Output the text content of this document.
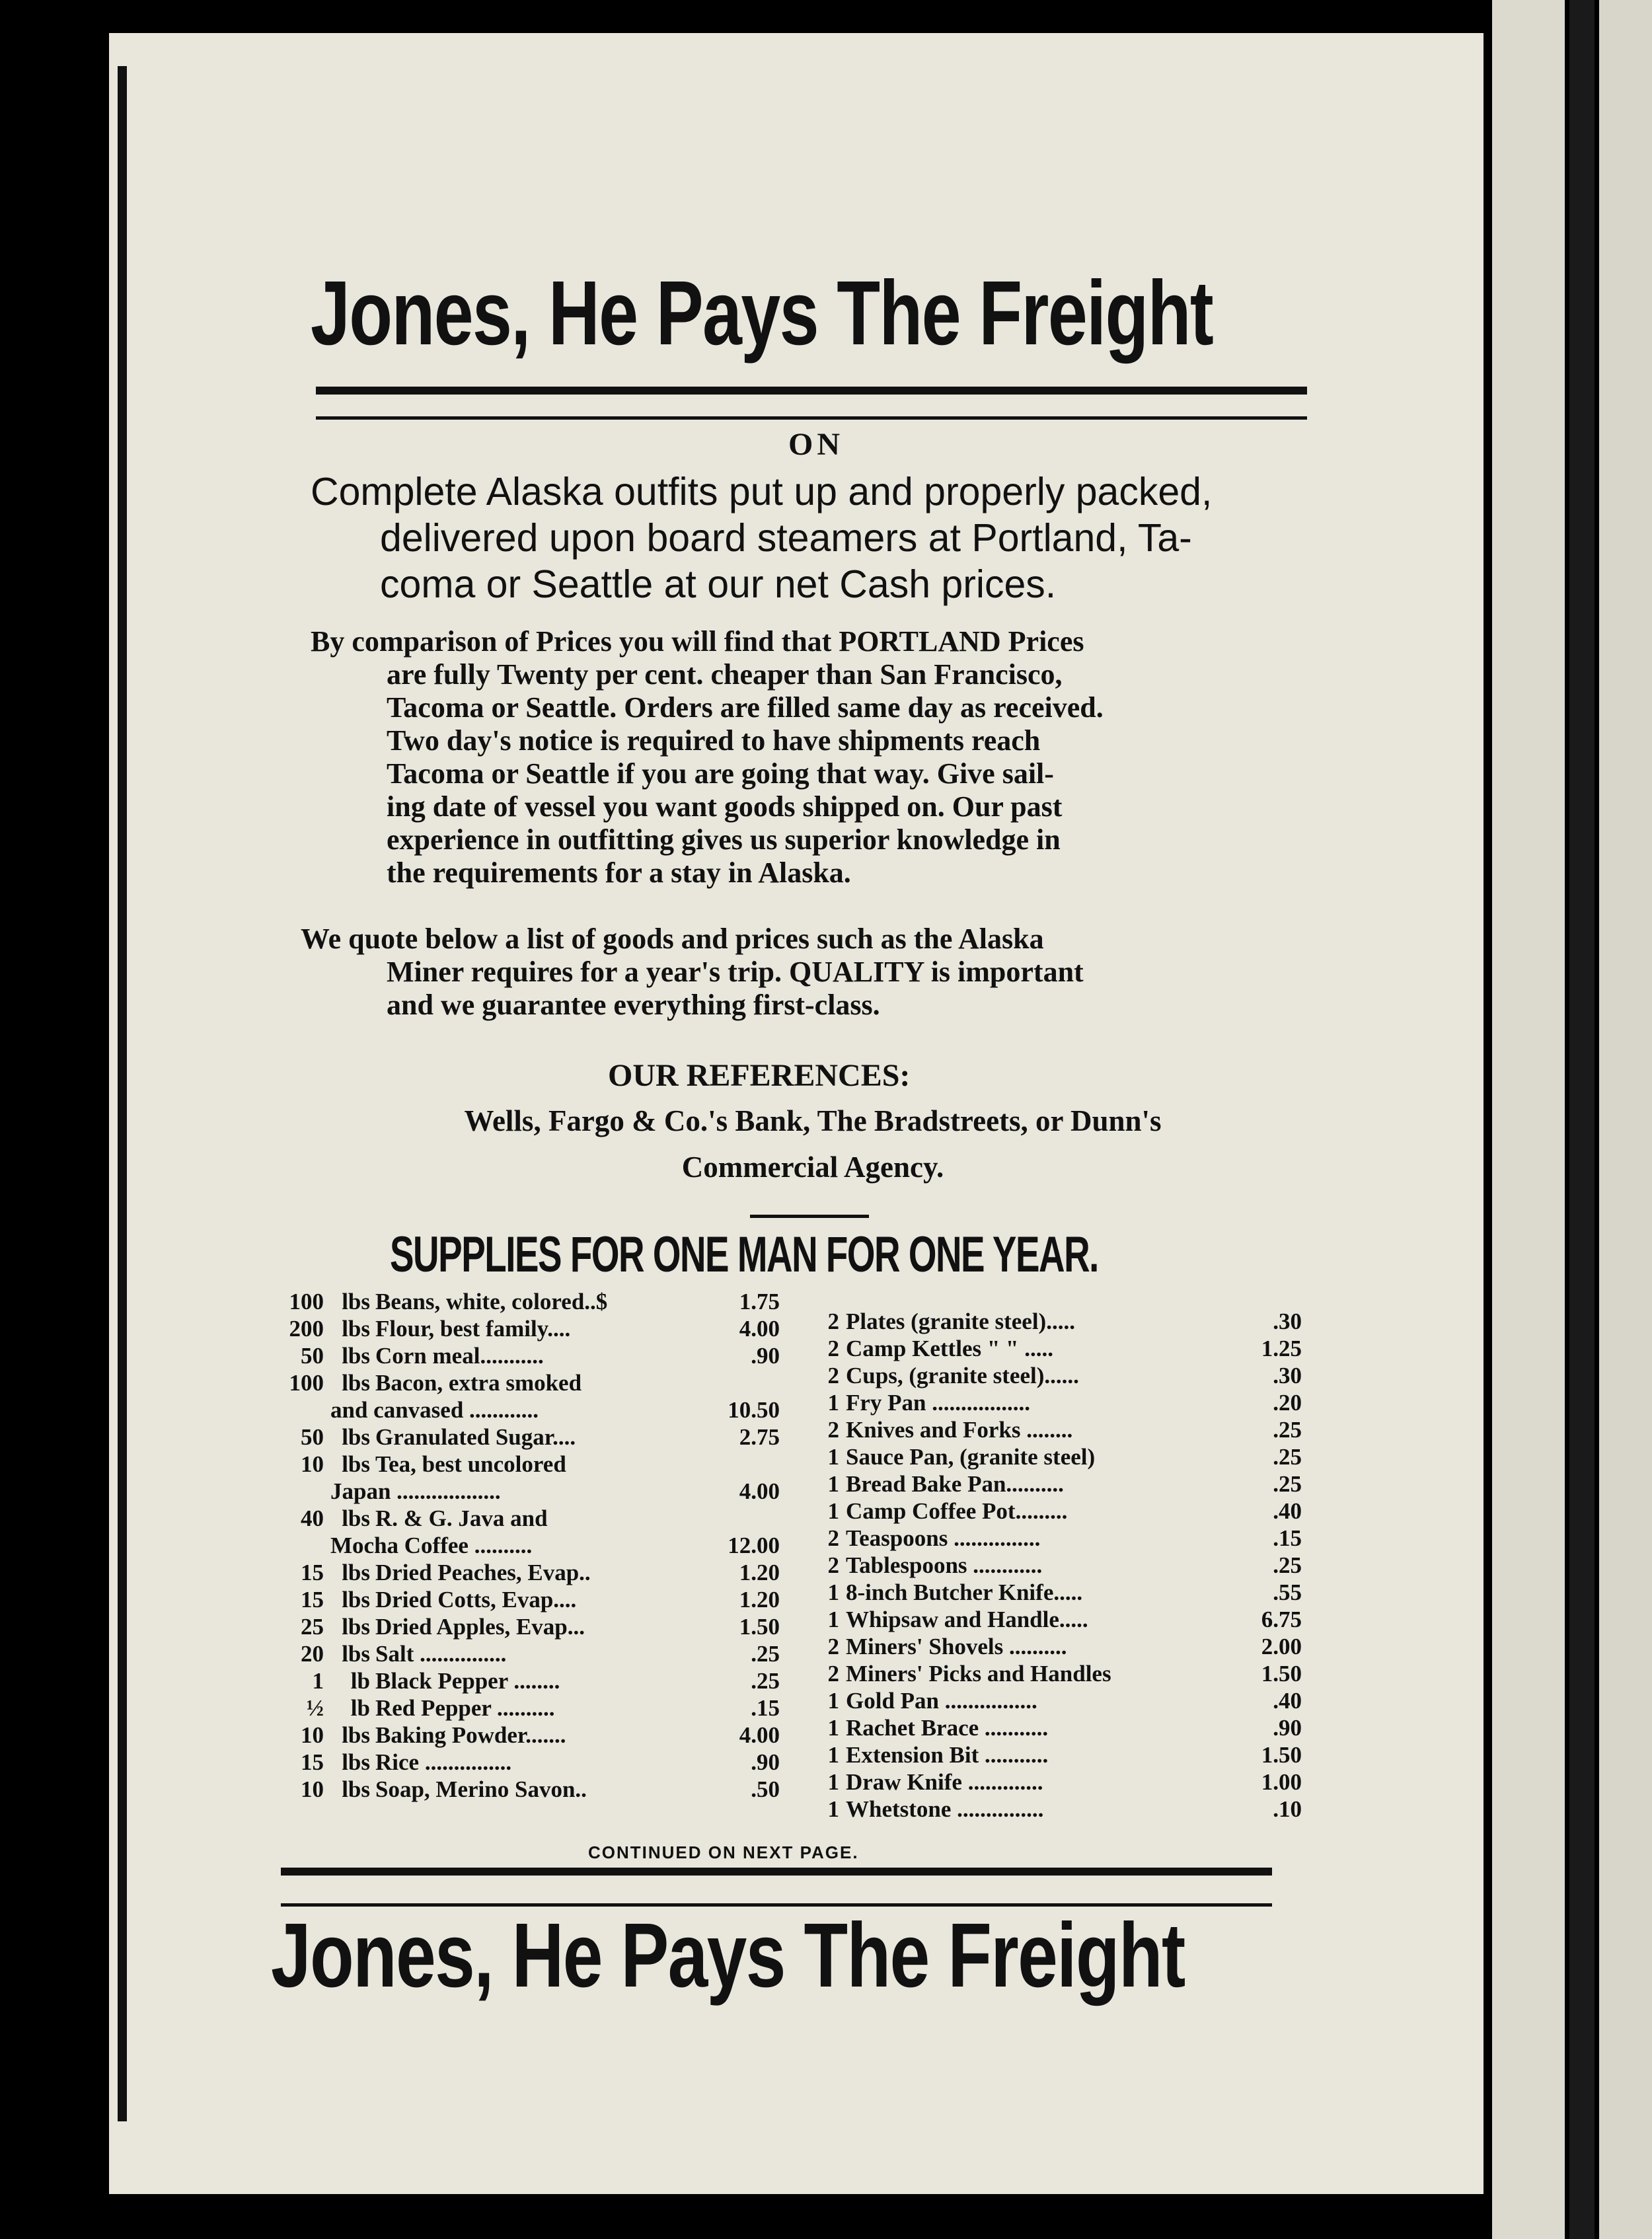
Jones, He Pays The Freight
ON
Complete Alaska outfits put up and properly packed,
delivered upon board steamers at Portland, Ta-
coma or Seattle at our net Cash prices.
By comparison of Prices you will find that PORTLAND Prices
are fully Twenty per cent. cheaper than San Francisco,
Tacoma or Seattle. Orders are filled same day as received.
Two day's notice is required to have shipments reach
Tacoma or Seattle if you are going that way. Give sail-
ing date of vessel you want goods shipped on. Our past
experience in outfitting gives us superior knowledge in
the requirements for a stay in Alaska.
We quote below a list of goods and prices such as the Alaska
Miner requires for a year's trip. QUALITY is important
and we guarantee everything first-class.
OUR REFERENCES:
Wells, Fargo & Co.'s Bank, The Bradstreets, or Dunn's
Commercial Agency.
SUPPLIES FOR ONE MAN FOR ONE YEAR.
100 lbs Beans, white, colored..$	1.75
200 lbs Flour, best family....	4.00
50 lbs Corn meal...........	.90
100 lbs Bacon, extra smoked
and canvased ............	10.50
50 lbs Granulated Sugar....	2.75
10 lbs Tea, best uncolored
Japan ..................	4.00
40 lbs R. & G. Java and
Mocha Coffee ..........	12.00
15 lbs Dried Peaches, Evap..	1.20
15 lbs Dried Cotts, Evap....	1.20
25 lbs Dried Apples, Evap...	1.50
20 lbs Salt ...............	.25
1	lb Black Pepper ........	.25
½	lb Red Pepper ..........	.15
10 lbs Baking Powder.......	4.00
15 lbs Rice ...............	.90
10 lbs Soap, Merino Savon..	.50
2 Plates (granite steel).....	.30
2 Camp Kettles " " .....	1.25
2 Cups, (granite steel)......	.30
1 Fry Pan .................	.20
2 Knives and Forks ........	.25
1 Sauce Pan, (granite steel)	.25
1 Bread Bake Pan..........	.25
1 Camp Coffee Pot.........	.40
2 Teaspoons ...............	.15
2 Tablespoons ............	.25
1 8-inch Butcher Knife.....	.55
1 Whipsaw and Handle.....	6.75
2 Miners' Shovels ..........	2.00
2 Miners' Picks and Handles	1.50
1 Gold Pan ................	.40
1 Rachet Brace ...........	.90
1 Extension Bit ...........	1.50
1 Draw Knife .............	1.00
1 Whetstone ...............	.10
CONTINUED ON NEXT PAGE.
Jones, He Pays The Freight
